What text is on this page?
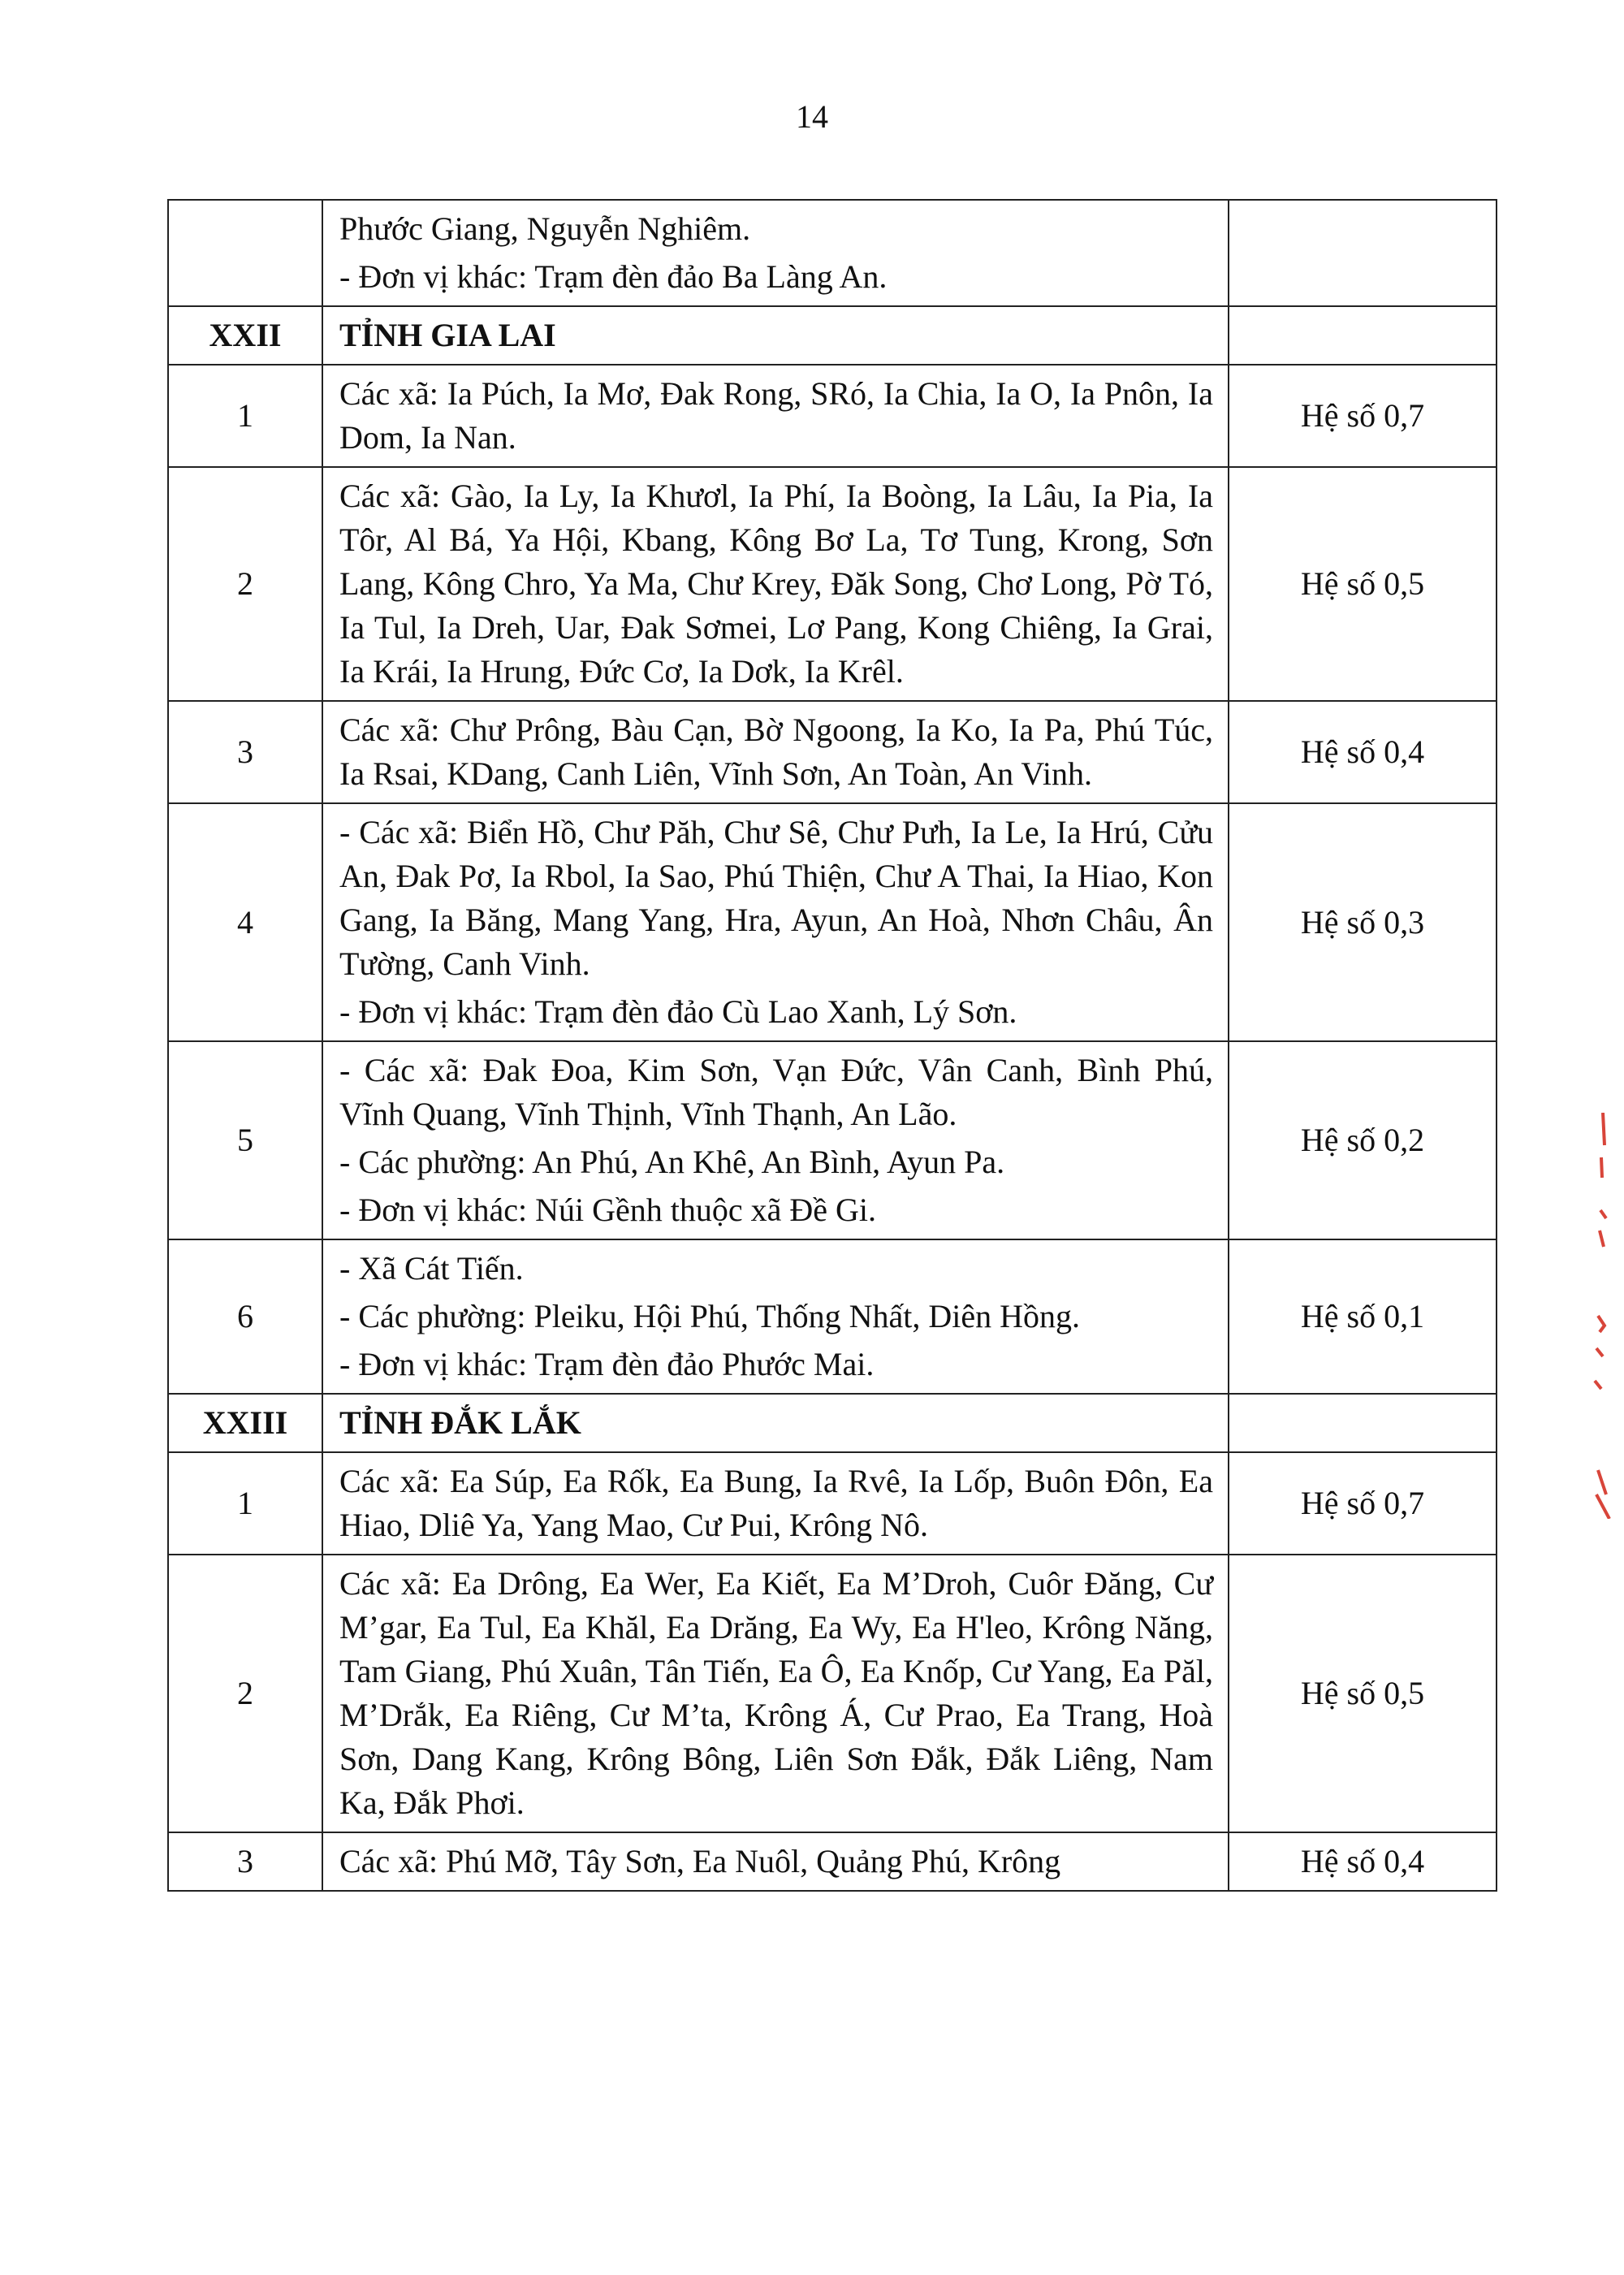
14

	Phước Giang, Nguyễn Nghiêm.
- Đơn vị khác: Trạm đèn đảo Ba Làng An.	

XXII	TỈNH GIA LAI	

1	Các xã: Ia Púch, Ia Mơ, Đak Rong, SRó, Ia Chia, Ia O, Ia Pnôn, Ia Dom, Ia Nan.	Hệ số 0,7
2	Các xã: Gào, Ia Ly, Ia Khươl, Ia Phí, Ia Boòng, Ia Lâu, Ia Pia, Ia Tôr, Al Bá, Ya Hội, Kbang, Kông Bơ La, Tơ Tung, Krong, Sơn Lang, Kông Chro, Ya Ma, Chư Krey, Đăk Song, Chơ Long, Pờ Tó, Ia Tul, Ia Dreh, Uar, Đak Sơmei, Lơ Pang, Kong Chiêng, Ia Grai, Ia Krái, Ia Hrung, Đức Cơ, Ia Dơk, Ia Krêl.	Hệ số 0,5
3	Các xã: Chư Prông, Bàu Cạn, Bờ Ngoong, Ia Ko, Ia Pa, Phú Túc, Ia Rsai, KDang, Canh Liên, Vĩnh Sơn, An Toàn, An Vinh.	Hệ số 0,4
4	- Các xã: Biển Hồ, Chư Păh, Chư Sê, Chư Pưh, Ia Le, Ia Hrú, Cửu An, Đak Pơ, Ia Rbol, Ia Sao, Phú Thiện, Chư A Thai, Ia Hiao, Kon Gang, Ia Băng, Mang Yang, Hra, Ayun, An Hoà, Nhơn Châu, Ân Tường, Canh Vinh.
- Đơn vị khác: Trạm đèn đảo Cù Lao Xanh, Lý Sơn.	Hệ số 0,3
5	- Các xã: Đak Đoa, Kim Sơn, Vạn Đức, Vân Canh, Bình Phú, Vĩnh Quang, Vĩnh Thịnh, Vĩnh Thạnh, An Lão.
- Các phường: An Phú, An Khê, An Bình, Ayun Pa.
- Đơn vị khác: Núi Gềnh thuộc xã Đề Gi.	Hệ số 0,2
6	- Xã Cát Tiến.
- Các phường: Pleiku, Hội Phú, Thống Nhất, Diên Hồng.
- Đơn vị khác: Trạm đèn đảo Phước Mai.	Hệ số 0,1
XXIII	TỈNH ĐẮK LẮK	

1	Các xã: Ea Súp, Ea Rốk, Ea Bung, Ia Rvê, Ia Lốp, Buôn Đôn, Ea Hiao, Dliê Ya, Yang Mao, Cư Pui, Krông Nô.	Hệ số 0,7
2	Các xã: Ea Drông, Ea Wer, Ea Kiết, Ea M’Droh, Cuôr Đăng, Cư M’gar, Ea Tul, Ea Khăl, Ea Drăng, Ea Wy, Ea H'leo, Krông Năng, Tam Giang, Phú Xuân, Tân Tiến, Ea Ô, Ea Knốp, Cư Yang, Ea Păl, M’Drắk, Ea Riêng, Cư M’ta, Krông Á, Cư Prao, Ea Trang, Hoà Sơn, Dang Kang, Krông Bông, Liên Sơn Đắk, Đắk Liêng, Nam Ka, Đắk Phơi.	Hệ số 0,5
3	Các xã: Phú Mỡ, Tây Sơn, Ea Nuôl, Quảng Phú, Krông	Hệ số 0,4
